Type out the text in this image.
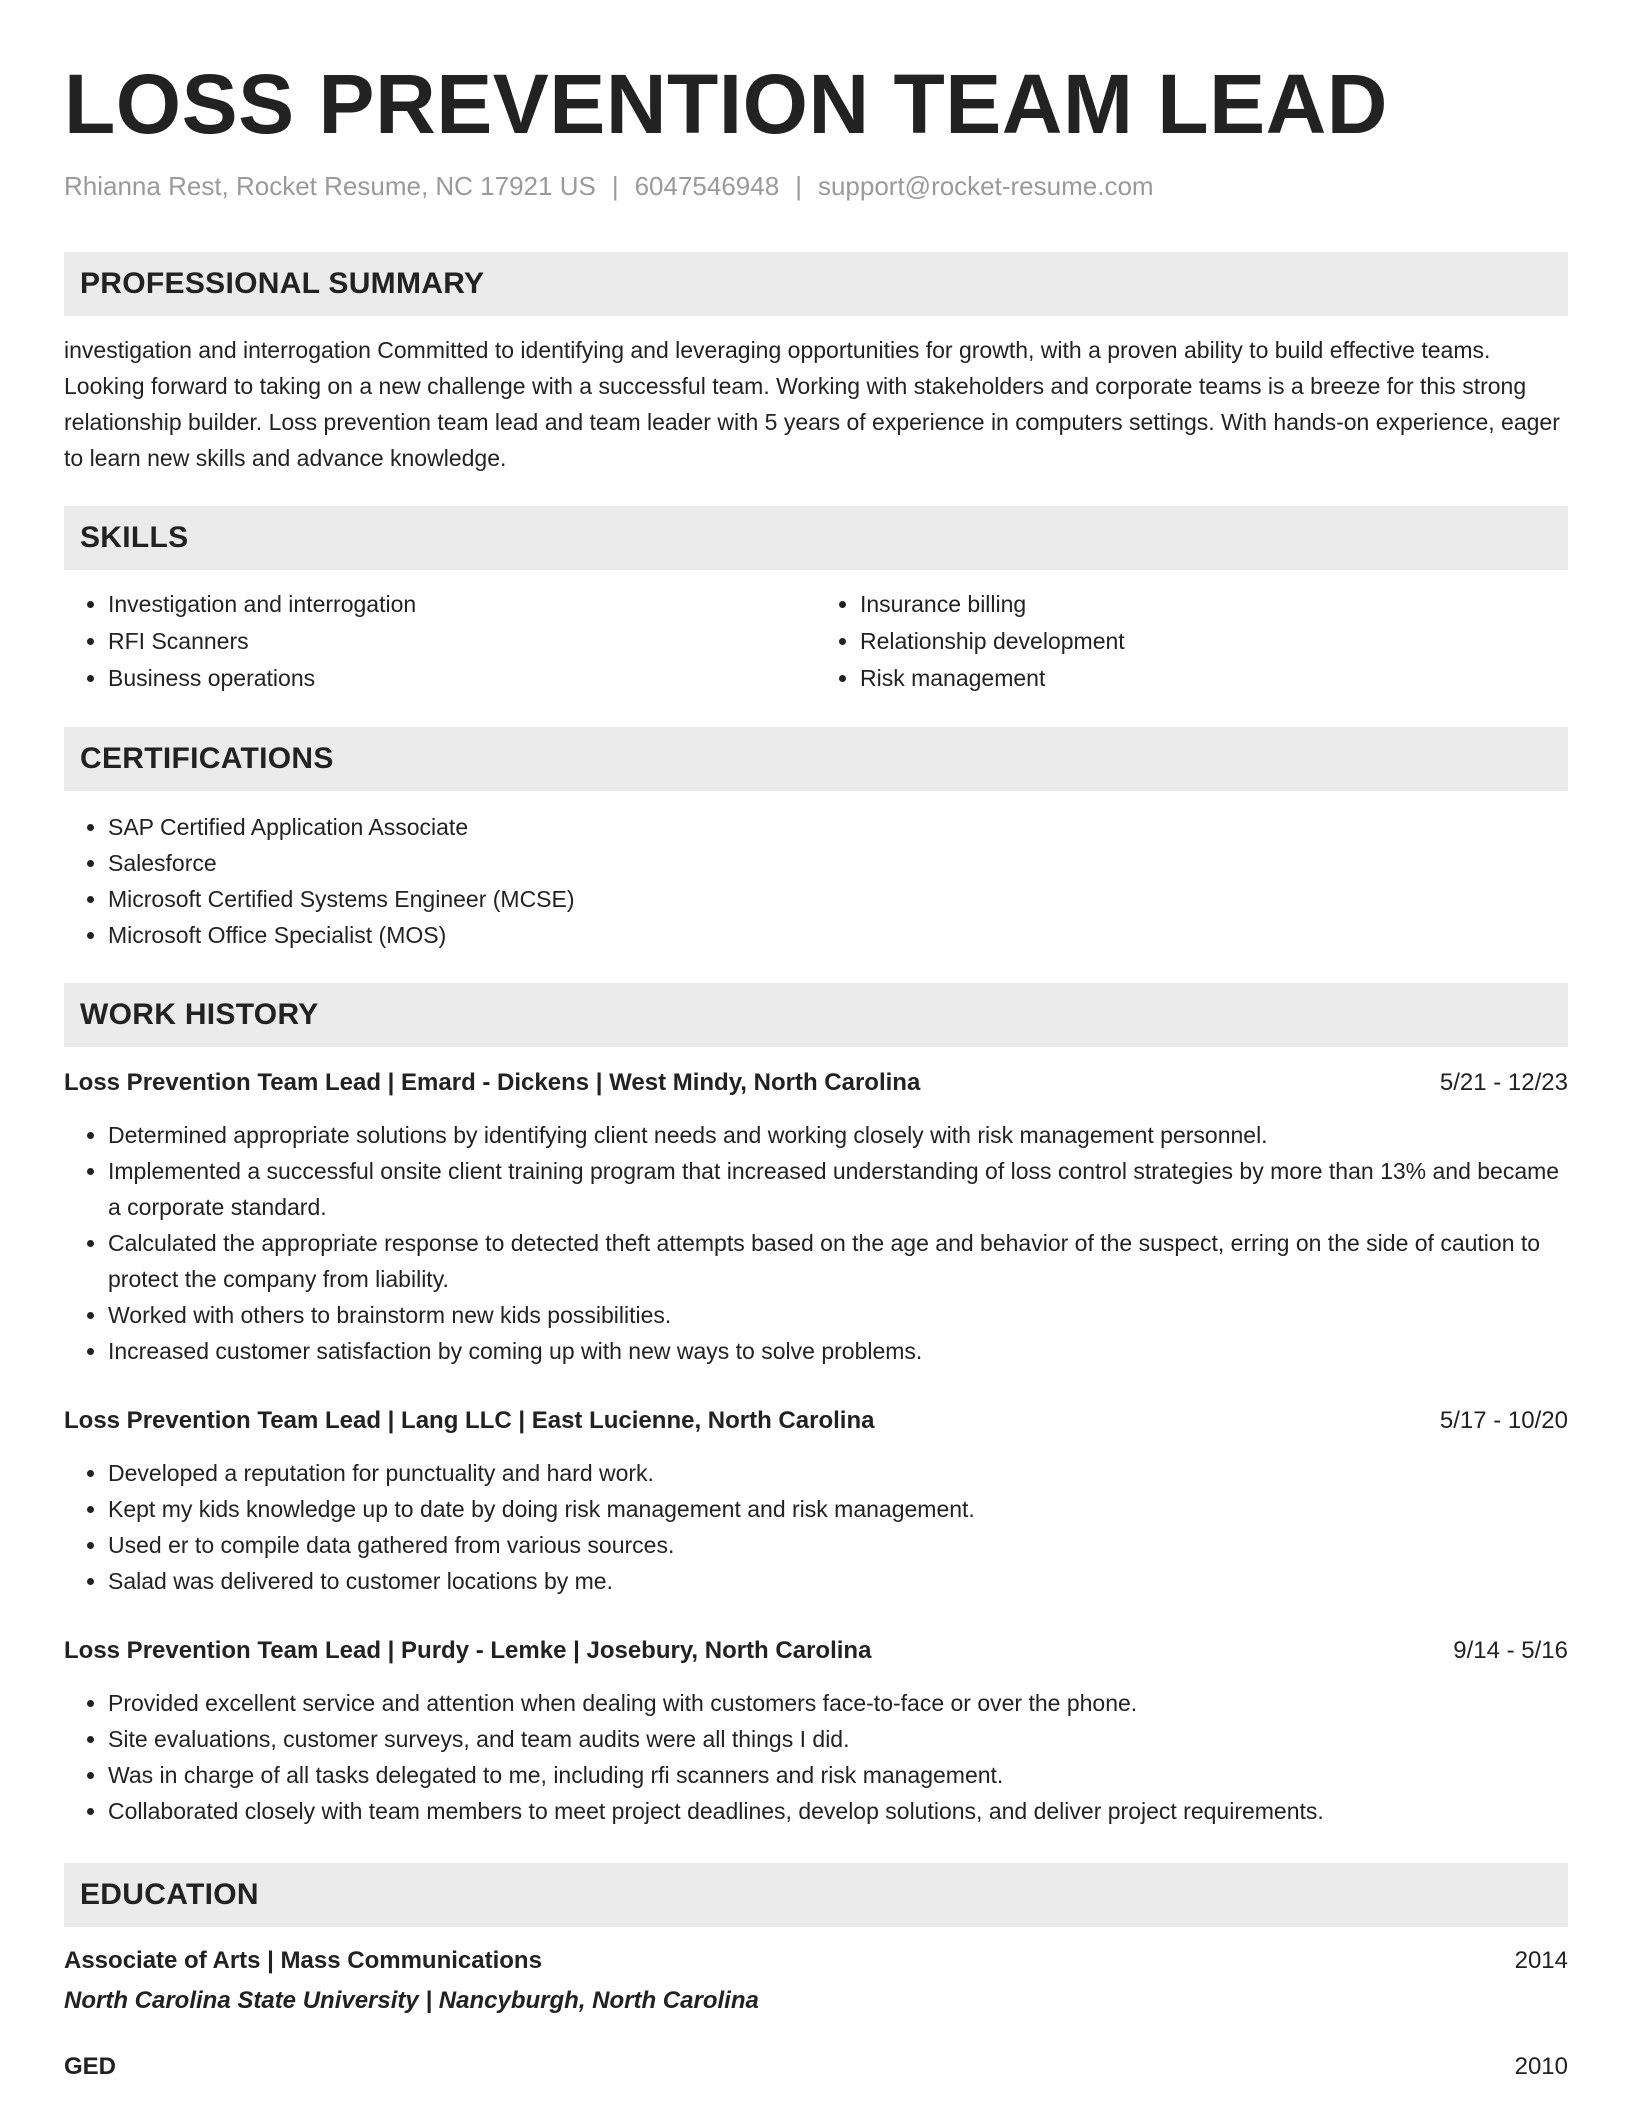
LOSS PREVENTION TEAM LEAD
Rhianna Rest, Rocket Resume, NC 17921 US | 6047546948 | support@rocket-resume.com
PROFESSIONAL SUMMARY
investigation and interrogation Committed to identifying and leveraging opportunities for growth, with a proven ability to build effective teams. Looking forward to taking on a new challenge with a successful team. Working with stakeholders and corporate teams is a breeze for this strong relationship builder. Loss prevention team lead and team leader with 5 years of experience in computers settings. With hands-on experience, eager to learn new skills and advance knowledge.
SKILLS
• Investigation and interrogation
• RFI Scanners
• Business operations
• Insurance billing
• Relationship development
• Risk management
CERTIFICATIONS
• SAP Certified Application Associate
• Salesforce
• Microsoft Certified Systems Engineer (MCSE)
• Microsoft Office Specialist (MOS)
WORK HISTORY
Loss Prevention Team Lead | Emard - Dickens | West Mindy, North Carolina	5/21 - 12/23
• Determined appropriate solutions by identifying client needs and working closely with risk management personnel.
• Implemented a successful onsite client training program that increased understanding of loss control strategies by more than 13% and became a corporate standard.
• Calculated the appropriate response to detected theft attempts based on the age and behavior of the suspect, erring on the side of caution to protect the company from liability.
• Worked with others to brainstorm new kids possibilities.
• Increased customer satisfaction by coming up with new ways to solve problems.
Loss Prevention Team Lead | Lang LLC | East Lucienne, North Carolina	5/17 - 10/20
• Developed a reputation for punctuality and hard work.
• Kept my kids knowledge up to date by doing risk management and risk management.
• Used er to compile data gathered from various sources.
• Salad was delivered to customer locations by me.
Loss Prevention Team Lead | Purdy - Lemke | Josebury, North Carolina	9/14 - 5/16
• Provided excellent service and attention when dealing with customers face-to-face or over the phone.
• Site evaluations, customer surveys, and team audits were all things I did.
• Was in charge of all tasks delegated to me, including rfi scanners and risk management.
• Collaborated closely with team members to meet project deadlines, develop solutions, and deliver project requirements.
EDUCATION
Associate of Arts | Mass Communications	2014
North Carolina State University | Nancyburgh, North Carolina
GED	2010
